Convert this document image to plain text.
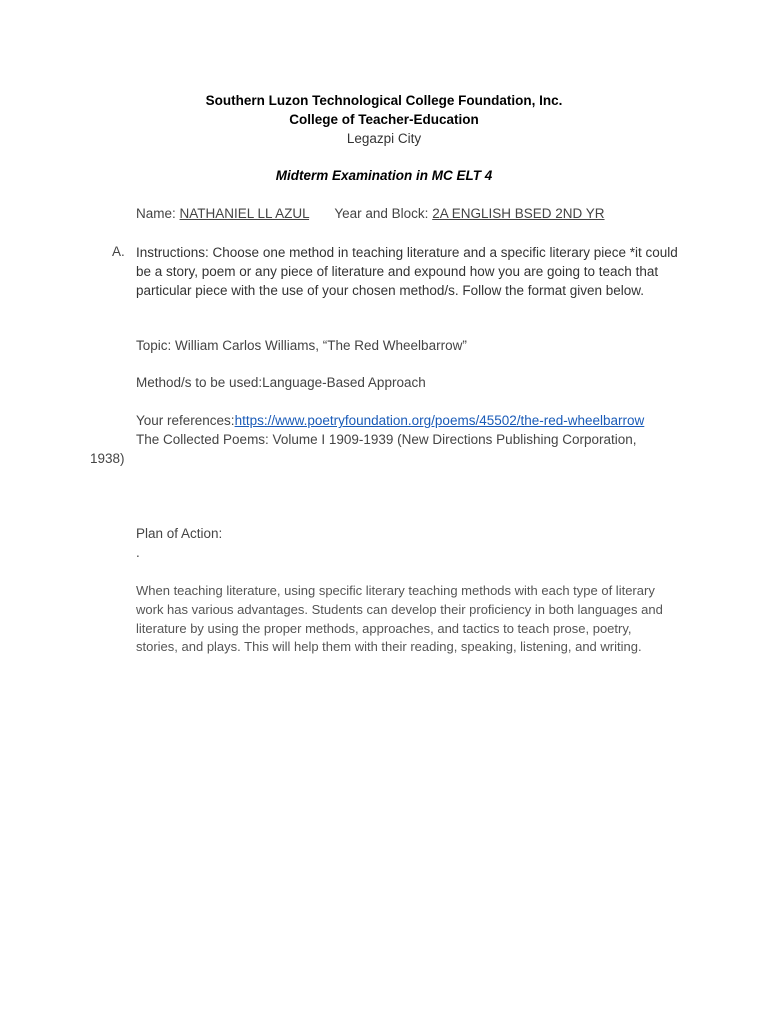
Southern Luzon Technological College Foundation, Inc.
College of Teacher-Education
Legazpi City
Midterm Examination in MC ELT 4
Name: NATHANIEL LL AZUL Year and Block: 2A ENGLISH BSED 2ND YR
A. Instructions: Choose one method in teaching literature and a specific literary piece *it could be a story, poem or any piece of literature and expound how you are going to teach that particular piece with the use of your chosen method/s. Follow the format given below.
Topic: William Carlos Williams, “The Red Wheelbarrow”
Method/s to be used:Language-Based Approach
Your references:https://www.poetryfoundation.org/poems/45502/the-red-wheelbarrow
The Collected Poems: Volume I 1909-1939 (New Directions Publishing Corporation,
1938)
Plan of Action:
.
When teaching literature, using specific literary teaching methods with each type of literary work has various advantages. Students can develop their proficiency in both languages and literature by using the proper methods, approaches, and tactics to teach prose, poetry, stories, and plays. This will help them with their reading, speaking, listening, and writing.
